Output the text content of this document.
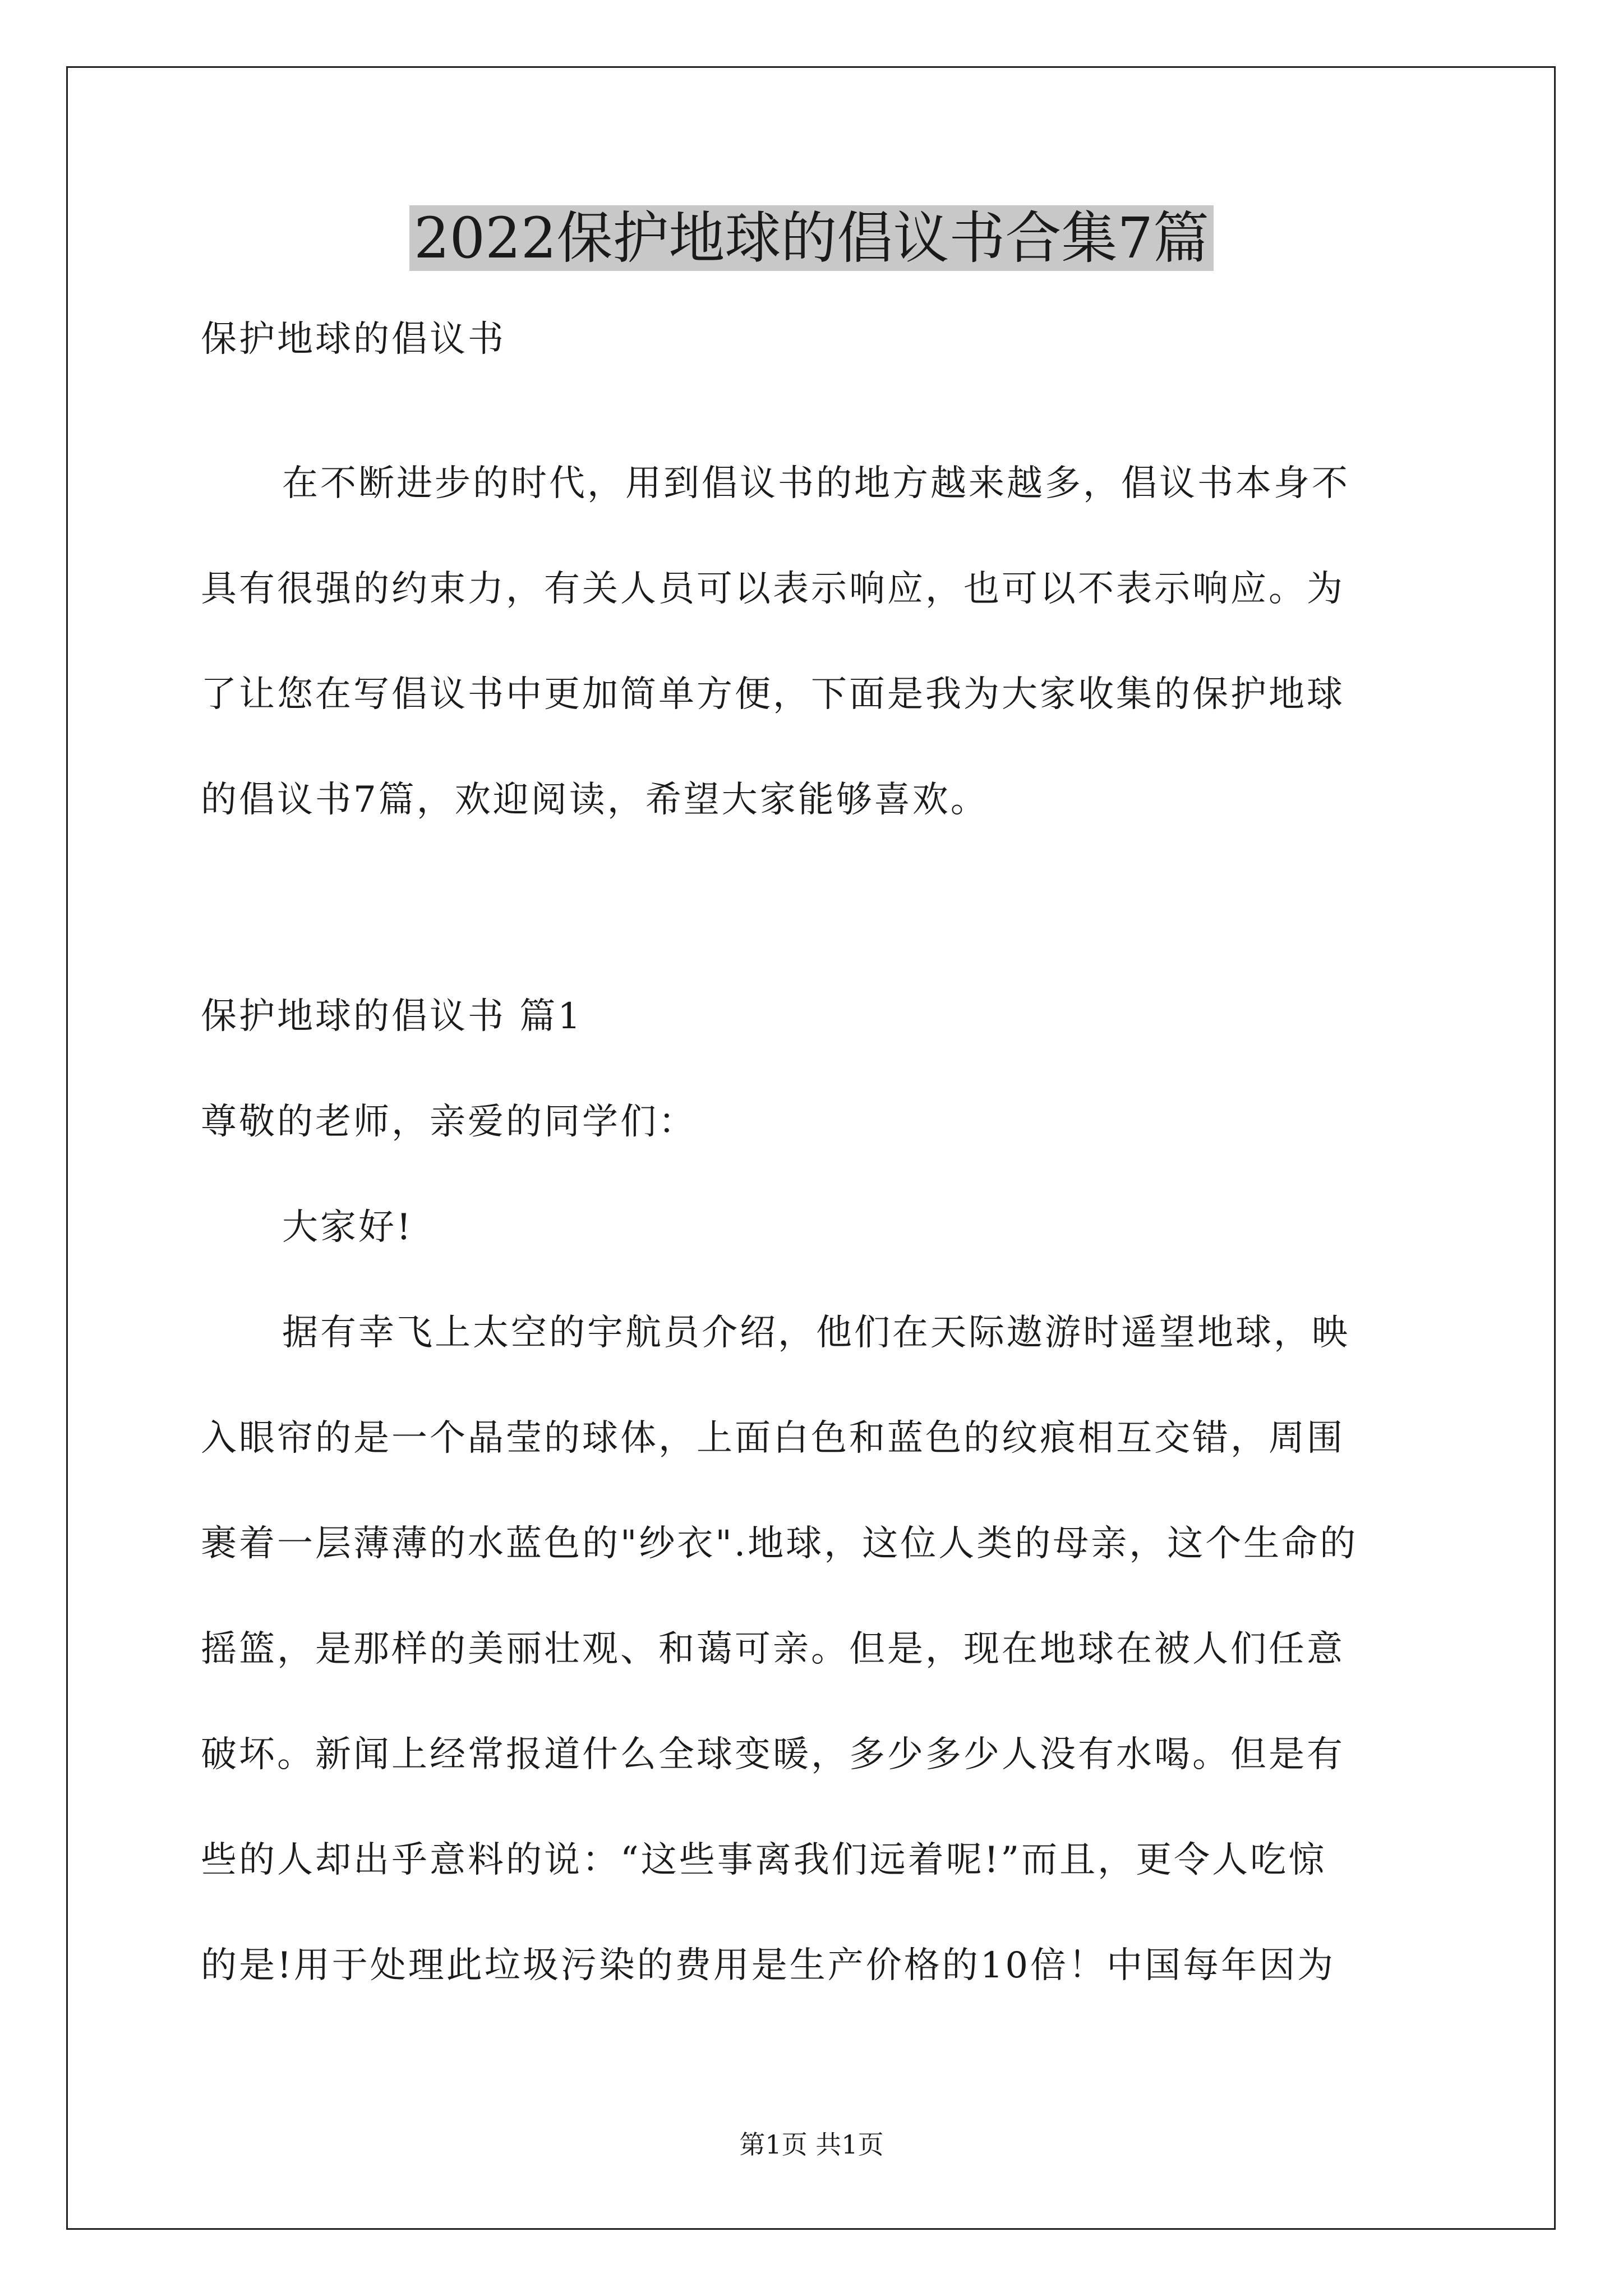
2022保护地球的倡议书合集7篇

保护地球的倡议书

在不断进步的时代，用到倡议书的地方越来越多，倡议书本身不

具有很强的约束力，有关人员可以表示响应，也可以不表示响应。为

了让您在写倡议书中更加简单方便，下面是我为大家收集的保护地球

的倡议书7篇，欢迎阅读，希望大家能够喜欢。

保护地球的倡议书 篇1

尊敬的老师，亲爱的同学们：

大家好!

据有幸飞上太空的宇航员介绍，他们在天际遨游时遥望地球，映

入眼帘的是一个晶莹的球体，上面白色和蓝色的纹痕相互交错，周围

裹着一层薄薄的水蓝色的"纱衣".地球，这位人类的母亲，这个生命的

摇篮，是那样的美丽壮观、和蔼可亲。但是，现在地球在被人们任意

破坏。新闻上经常报道什么全球变暖，多少多少人没有水喝。但是有

些的人却出乎意料的说：“这些事离我们远着呢!”而且，更令人吃惊

的是!用于处理此垃圾污染的费用是生产价格的10倍！中国每年因为

第1页 共1页
